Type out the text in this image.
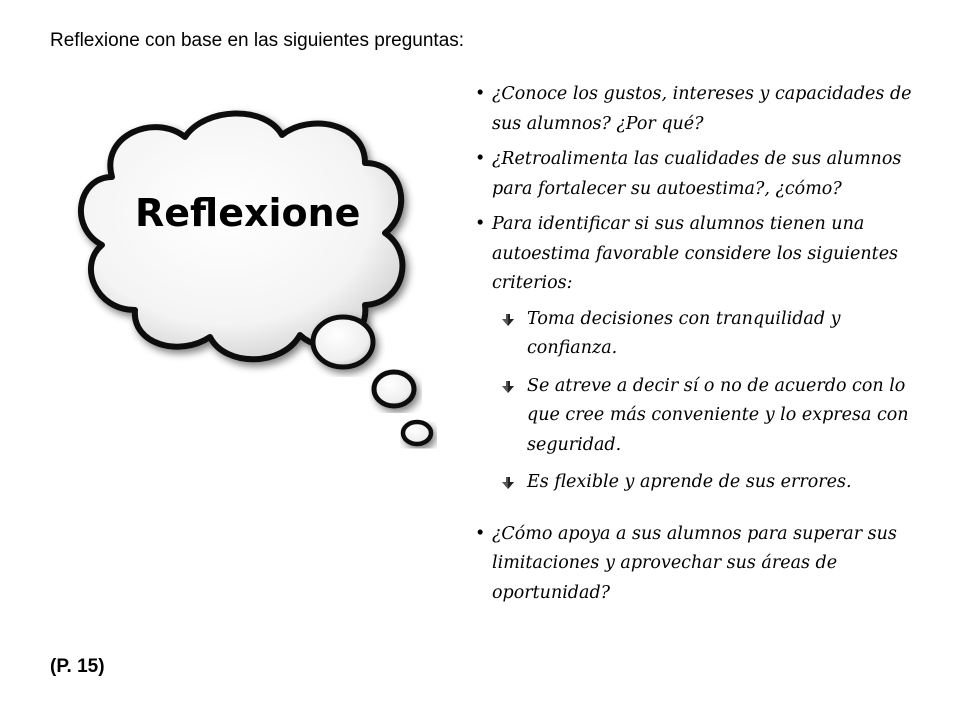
Reflexione con base en las siguientes preguntas:
Reflexione
• ¿Conoce los gustos, intereses y capacidades de sus alumnos? ¿Por qué?
• ¿Retroalimenta las cualidades de sus alumnos para fortalecer su autoestima?, ¿cómo?
• Para identificar si sus alumnos tienen una autoestima favorable considere los siguientes criterios:
Toma decisiones con tranquilidad y confianza.
Se atreve a decir sí o no de acuerdo con lo que cree más conveniente y lo expresa con seguridad.
Es flexible y aprende de sus errores.
• ¿Cómo apoya a sus alumnos para superar sus limitaciones y aprovechar sus áreas de oportunidad?
(P. 15)
